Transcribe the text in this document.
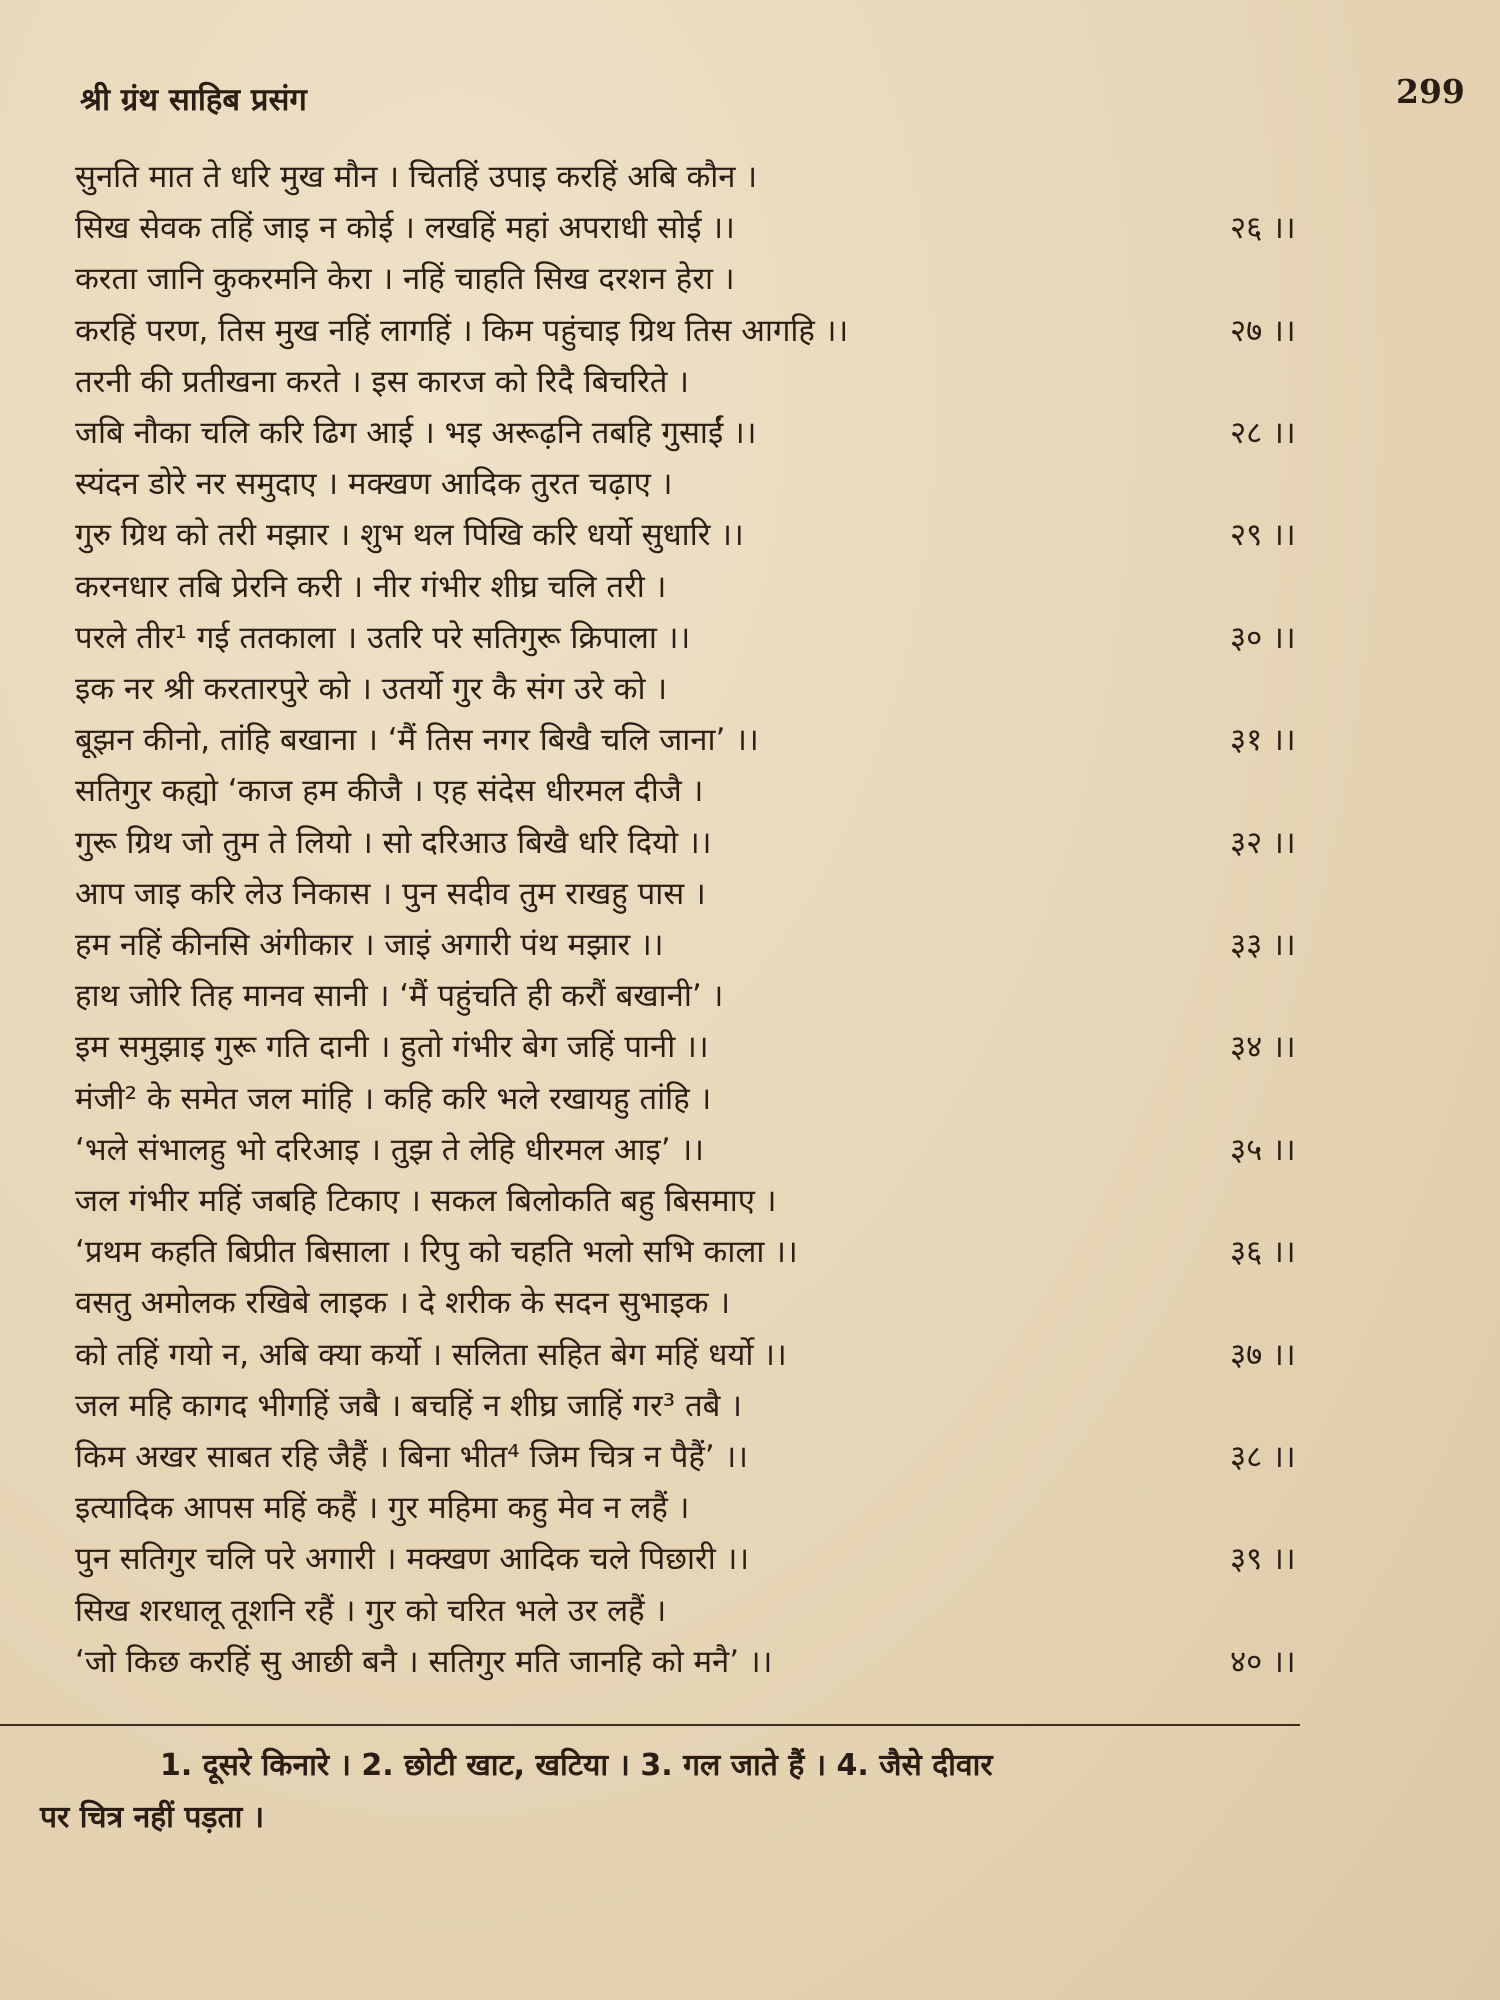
श्री ग्रंथ साहिब प्रसंग	299
सुनति मात ते धरि मुख मौन । चितहिं उपाइ करहिं अबि कौन ।
सिख सेवक तहिं जाइ न कोई । लखहिं महां अपराधी सोई ।।	२६ ।।
करता जानि कुकरमनि केरा । नहिं चाहति सिख दरशन हेरा ।
करहिं परण, तिस मुख नहिं लागहिं । किम पहुंचाइ ग्रिथ तिस आगहि ।।	२७ ।।
तरनी की प्रतीखना करते । इस कारज को रिदै बिचरिते ।
जबि नौका चलि करि ढिग आई । भइ अरूढ़नि तबहि गुसाईं ।।	२८ ।।
स्यंदन डोरे नर समुदाए । मक्खण आदिक तुरत चढ़ाए ।
गुरु ग्रिथ को तरी मझार । शुभ थल पिखि करि धर्यो सुधारि ।।	२९ ।।
करनधार तबि प्रेरनि करी । नीर गंभीर शीघ्र चलि तरी ।
परले तीर¹ गई ततकाला । उतरि परे सतिगुरू क्रिपाला ।।	३० ।।
इक नर श्री करतारपुरे को । उतर्यो गुर कै संग उरे को ।
बूझन कीनो, तांहि बखाना । ‘मैं तिस नगर बिखै चलि जाना’ ।।	३१ ।।
सतिगुर कह्यो ‘काज हम कीजै । एह संदेस धीरमल दीजै ।
गुरू ग्रिथ जो तुम ते लियो । सो दरिआउ बिखै धरि दियो ।।	३२ ।।
आप जाइ करि लेउ निकास । पुन सदीव तुम राखहु पास ।
हम नहिं कीनसि अंगीकार । जाइं अगारी पंथ मझार ।।	३३ ।।
हाथ जोरि तिह मानव सानी । ‘मैं पहुंचति ही करौं बखानी’ ।
इम समुझाइ गुरू गति दानी । हुतो गंभीर बेग जहिं पानी ।।	३४ ।।
मंजी² के समेत जल मांहि । कहि करि भले रखायहु तांहि ।
‘भले संभालहु भो दरिआइ । तुझ ते लेहि धीरमल आइ’ ।।	३५ ।।
जल गंभीर महिं जबहि टिकाए । सकल बिलोकति बहु बिसमाए ।
‘प्रथम कहति बिप्रीत बिसाला । रिपु को चहति भलो सभि काला ।।	३६ ।।
वसतु अमोलक रखिबे लाइक । दे शरीक के सदन सुभाइक ।
को तहिं गयो न, अबि क्या कर्यो । सलिता सहित बेग महिं धर्यो ।।	३७ ।।
जल महि कागद भीगहिं जबै । बचहिं न शीघ्र जाहिं गर³ तबै ।
किम अखर साबत रहि जैहैं । बिना भीत⁴ जिम चित्र न पैहैं’ ।।	३८ ।।
इत्यादिक आपस महिं कहैं । गुर महिमा कहु मेव न लहैं ।
पुन सतिगुर चलि परे अगारी । मक्खण आदिक चले पिछारी ।।	३९ ।।
सिख शरधालू तूशनि रहैं । गुर को चरित भले उर लहैं ।
‘जो किछ करहिं सु आछी बनै । सतिगुर मति जानहि को मनै’ ।।	४० ।।
1. दूसरे किनारे । 2. छोटी खाट, खटिया । 3. गल जाते हैं । 4. जैसे दीवार
पर चित्र नहीं पड़ता ।
